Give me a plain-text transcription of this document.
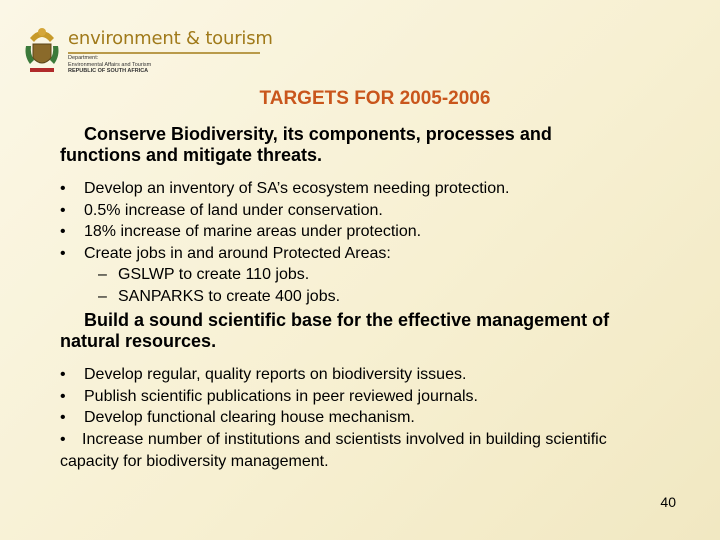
environment & tourism
Department:
Environmental Affairs and Tourism
REPUBLIC OF SOUTH AFRICA
TARGETS FOR 2005-2006
Conserve Biodiversity, its components, processes and
functions and mitigate threats.
• Develop an inventory of SA’s ecosystem needing protection.
• 0.5% increase of land under conservation.
• 18% increase of marine areas under protection.
• Create jobs in and around Protected Areas:
– GSLWP to create 110 jobs.
– SANPARKS to create 400 jobs.
Build a sound scientific base for the effective management of
natural resources.
• Develop regular, quality reports on biodiversity issues.
• Publish scientific publications in peer reviewed journals.
• Develop functional clearing house mechanism.
• Increase number of institutions and scientists involved in building scientific
capacity for biodiversity management.
40
